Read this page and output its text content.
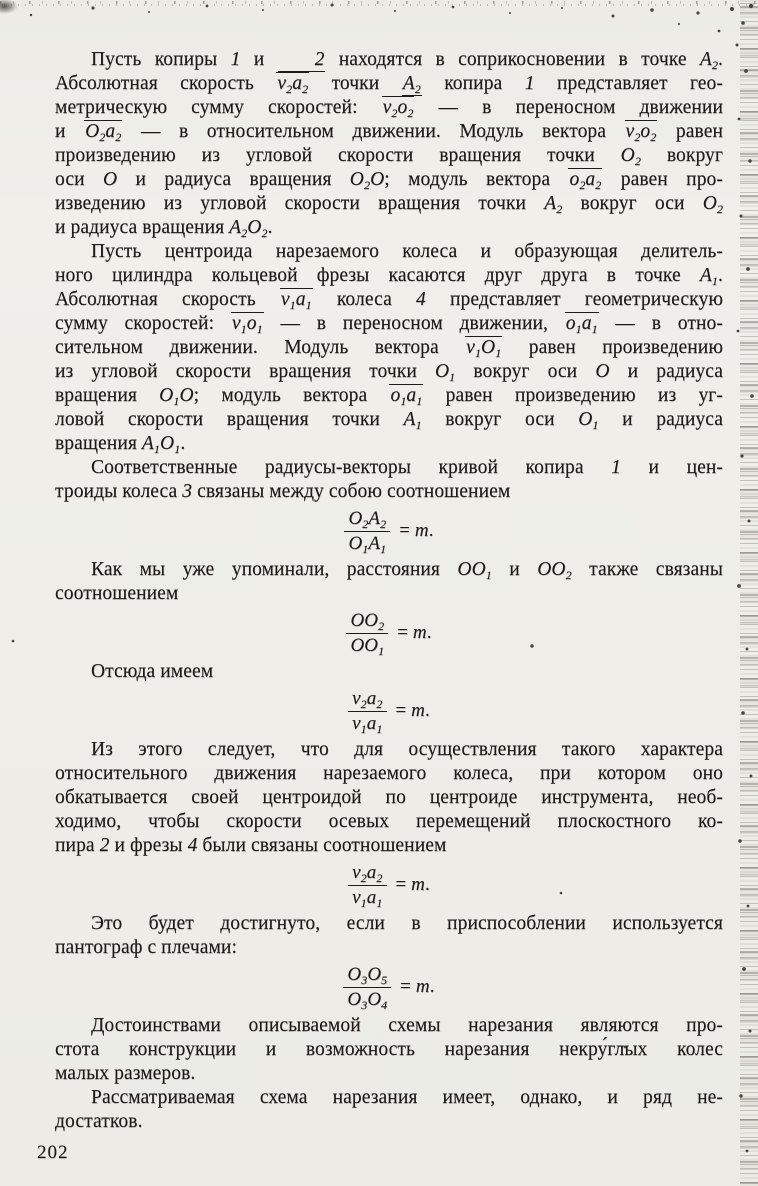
Пусть копиры 1 и 2 находятся в соприкосновении в точке $A_2$.
Абсолютная скорость $v_2a_2$ точки $A_2$ копира 1 представляет гео-
метрическую сумму скоростей: $v_2o_2$ — в переносном движении
и $O_2a_2$ — в относительном движении. Модуль вектора $v_2o_2$ равен
произведению из угловой скорости вращения точки $O_2$ вокруг
оси O и радиуса вращения $O_2O$; модуль вектора $o_2a_2$ равен про-
изведению из угловой скорости вращения точки $A_2$ вокруг оси $O_2$
и радиуса вращения $A_2O_2$.
Пусть центроида нарезаемого колеса и образующая делитель-
ного цилиндра кольцевой фрезы касаются друг друга в точке $A_1$.
Абсолютная скорость $v_1a_1$ колеса 4 представляет геометрическую
сумму скоростей: $v_1o_1$ — в переносном движении, $o_1a_1$ — в отно-
сительном движении. Модуль вектора $v_1O_1$ равен произведению
из угловой скорости вращения точки $O_1$ вокруг оси O и радиуса
вращения $O_1O$; модуль вектора $o_1a_1$ равен произведению из уг-
ловой скорости вращения точки $A_1$ вокруг оси $O_1$ и радиуса
вращения $A_1O_1$.
Соответственные радиусы-векторы кривой копира 1 и цен-
троиды колеса 3 связаны между собою соотношением
$\frac{O_2A_2}{O_1A_1} = m$.
Как мы уже упоминали, расстояния $OO_1$ и $OO_2$ также связаны
соотношением
$\frac{OO_2}{OO_1} = m$.
Отсюда имеем
$\frac{v_2a_2}{v_1a_1} = m$.
Из этого следует, что для осуществления такого характера
относительного движения нарезаемого колеса, при котором оно
обкатывается своей центроидой по центроиде инструмента, необ-
ходимо, чтобы скорости осевых перемещений плоскостного ко-
пира 2 и фрезы 4 были связаны соотношением
$\frac{v_2a_2}{v_1a_1} = m$.
Это будет достигнуто, если в приспособлении используется
пантограф с плечами:
$\frac{O_3O_5}{O_3O_4} = m$.
Достоинствами описываемой схемы нарезания являются про-
стота конструкции и возможность нарезания некру́глых колес
малых размеров.
Рассматриваемая схема нарезания имеет, однако, и ряд не-
достатков.
202
